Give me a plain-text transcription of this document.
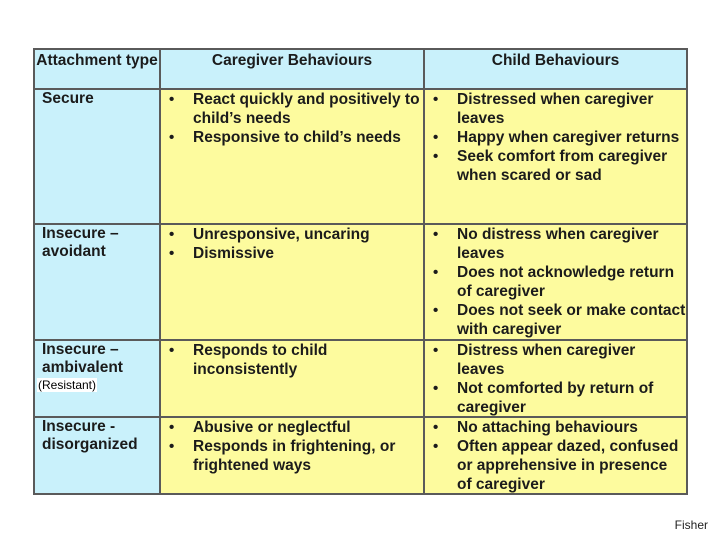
Attachment type	Caregiver Behaviours	Child Behaviours
Secure
•	React quickly and positively to child’s needs
• Responsive to child’s needs
• Distressed when caregiver leaves
• Happy when caregiver returns
• Seek comfort from caregiver when scared or sad
Insecure – avoidant
• Unresponsive, uncaring
• Dismissive
• No distress when caregiver leaves
• Does not acknowledge return of caregiver
• Does not seek or make contact with caregiver
Insecure – ambivalent
(Resistant)
• Responds to child inconsistently
• Distress when caregiver leaves
• Not comforted by return of caregiver
Insecure - disorganized
• Abusive or neglectful
• Responds in frightening, or frightened ways
• No attaching behaviours
• Often appear dazed, confused or apprehensive in presence of caregiver
Fisher
